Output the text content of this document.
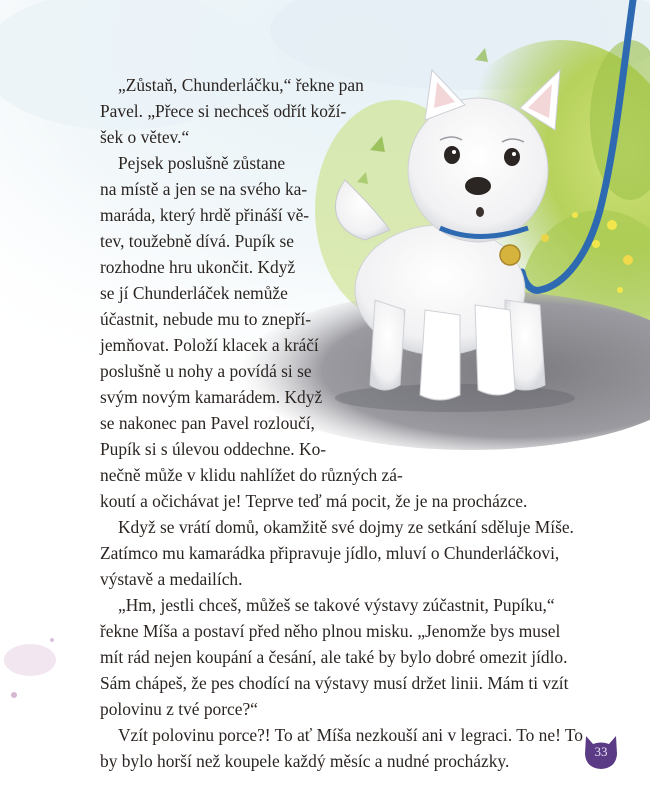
„Zůstaň, Chunderláčku,“ řekne pan

Pavel. „Přece si nechceš odřít koží-

šek o větev.“

Pejsek poslušně zůstane

na místě a jen se na svého ka-

maráda, který hrdě přináší vě-

tev, toužebně dívá. Pupík se

rozhodne hru ukončit. Když

se jí Chunderláček nemůže

účastnit, nebude mu to znepří-

jemňovat. Položí klacek a kráčí

poslušně u nohy a povídá si se

svým novým kamarádem. Když

se nakonec pan Pavel rozloučí,

Pupík si s úlevou oddechne. Ko-

nečně může v klidu nahlížet do různých zá-

koutí a očichávat je! Teprve teď má pocit, že je na procházce.

Když se vrátí domů, okamžitě své dojmy ze setkání sděluje Míše.

Zatímco mu kamarádka připravuje jídlo, mluví o Chunderláčkovi,

výstavě a medailích.

„Hm, jestli chceš, můžeš se takové výstavy zúčastnit, Pupíku,“

řekne Míša a postaví před něho plnou misku. „Jenomže bys musel

mít rád nejen koupání a česání, ale také by bylo dobré omezit jídlo.

Sám chápeš, že pes chodící na výstavy musí držet linii. Mám ti vzít

polovinu z tvé porce?“

Vzít polovinu porce?! To ať Míša nezkouší ani v legraci. To ne! To

by bylo horší než koupele každý měsíc a nudné procházky.	33
